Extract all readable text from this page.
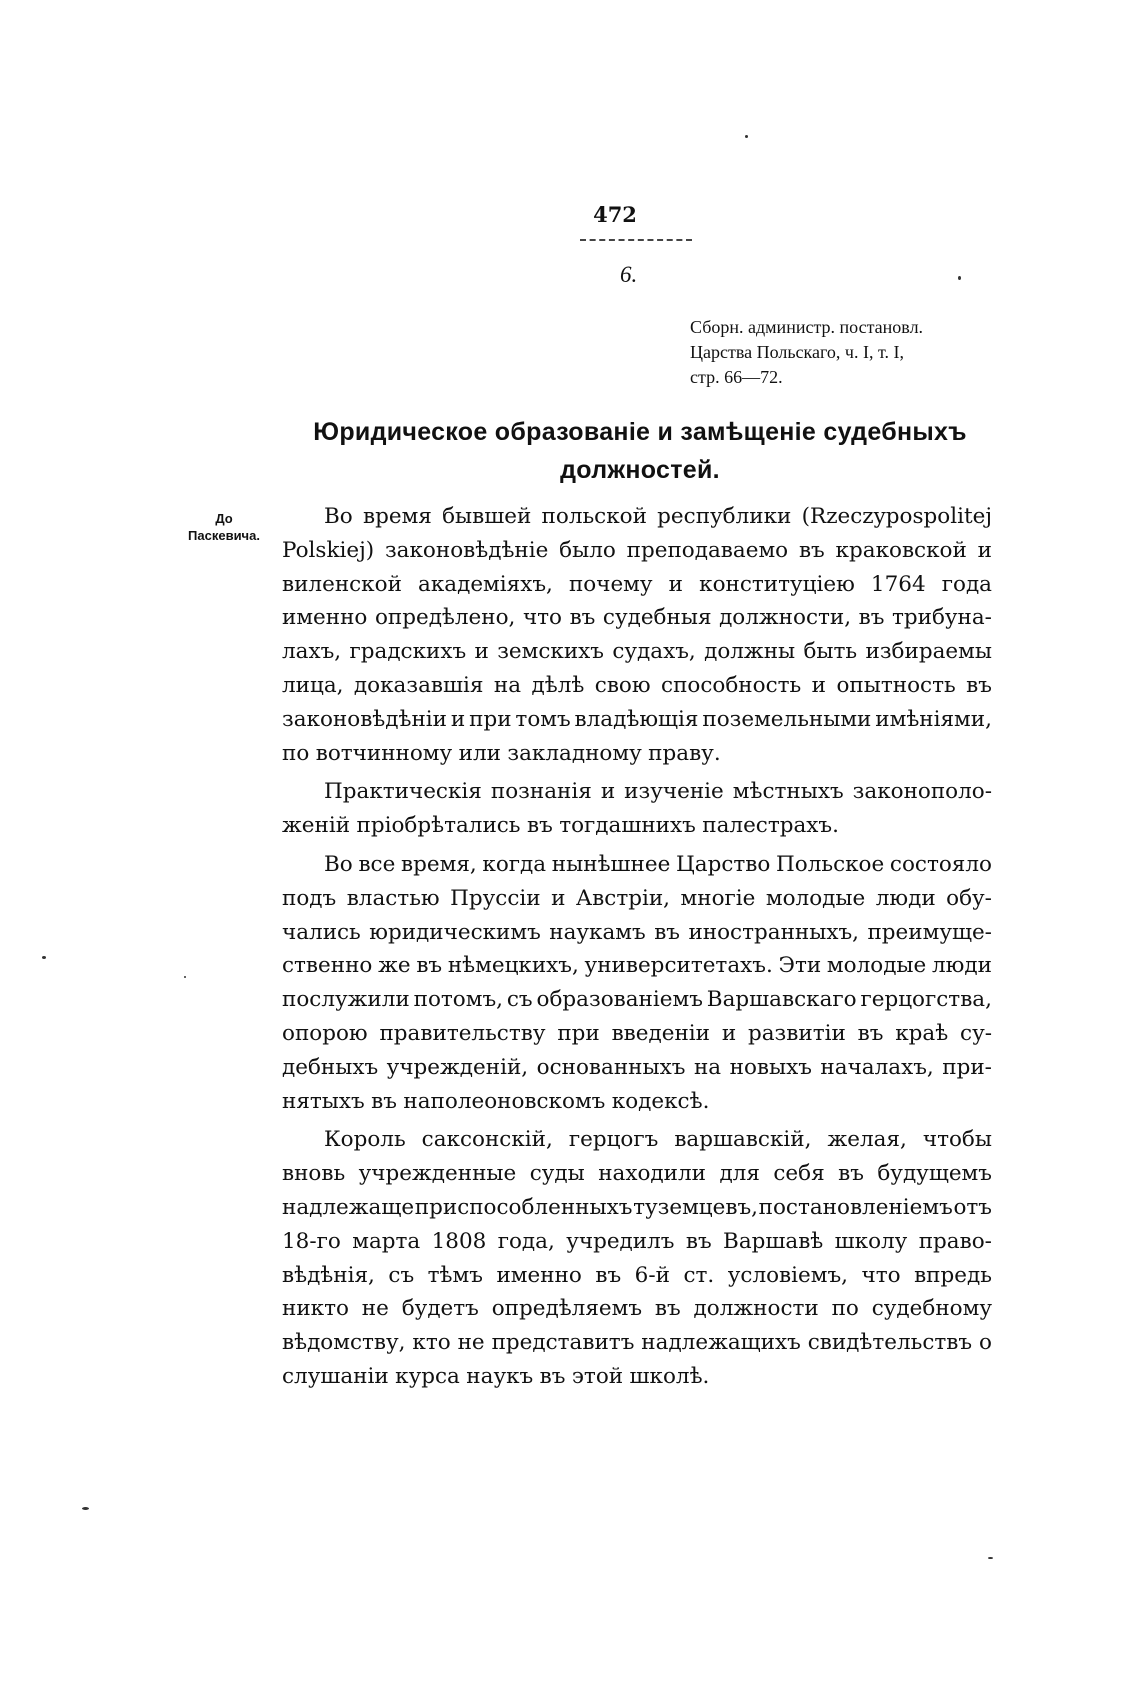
472
6.
Сборн. администр. постановл.
Царства Польскаго, ч. I, т. I,
стр. 66—72.
Юридическое образованіе и замѣщеніе судебныхъ
должностей.
До
Паскевича.
Во время бывшей польской республики (Rzeczypospolitej
Polskiej) законовѣдѣніе было преподаваемо въ краковской и
виленской академіяхъ, почему и конституціею 1764 года
именно опредѣлено, что въ судебныя должности, въ трибуна-
лахъ, градскихъ и земскихъ судахъ, должны быть избираемы
лица, доказавшія на дѣлѣ свою способность и опытность въ
законовѣдѣніи и при томъ владѣющія поземельными имѣніями,
по вотчинному или закладному праву.
Практическія познанія и изученіе мѣстныхъ законополо-
женій пріобрѣтались въ тогдашнихъ палестрахъ.
Во все время, когда нынѣшнее Царство Польское состояло
подъ властью Пруссіи и Австріи, многіе молодые люди обу-
чались юридическимъ наукамъ въ иностранныхъ, преимуще-
ственно же въ нѣмецкихъ, университетахъ. Эти молодые люди
послужили потомъ, съ образованіемъ Варшавскаго герцогства,
опорою правительству при введеніи и развитіи въ краѣ су-
дебныхъ учрежденій, основанныхъ на новыхъ началахъ, при-
нятыхъ въ наполеоновскомъ кодексѣ.
Король саксонскій, герцогъ варшавскій, желая, чтобы
вновь учрежденные суды находили для себя въ будущемъ
надлежаще приспособленныхъ туземцевъ, постановленіемъ отъ
18-го марта 1808 года, учредилъ въ Варшавѣ школу право-
вѣдѣнія, съ тѣмъ именно въ 6-й ст. условіемъ, что впредь
никто не будетъ опредѣляемъ въ должности по судебному
вѣдомству, кто не представитъ надлежащихъ свидѣтельствъ о
слушаніи курса наукъ въ этой школѣ.
